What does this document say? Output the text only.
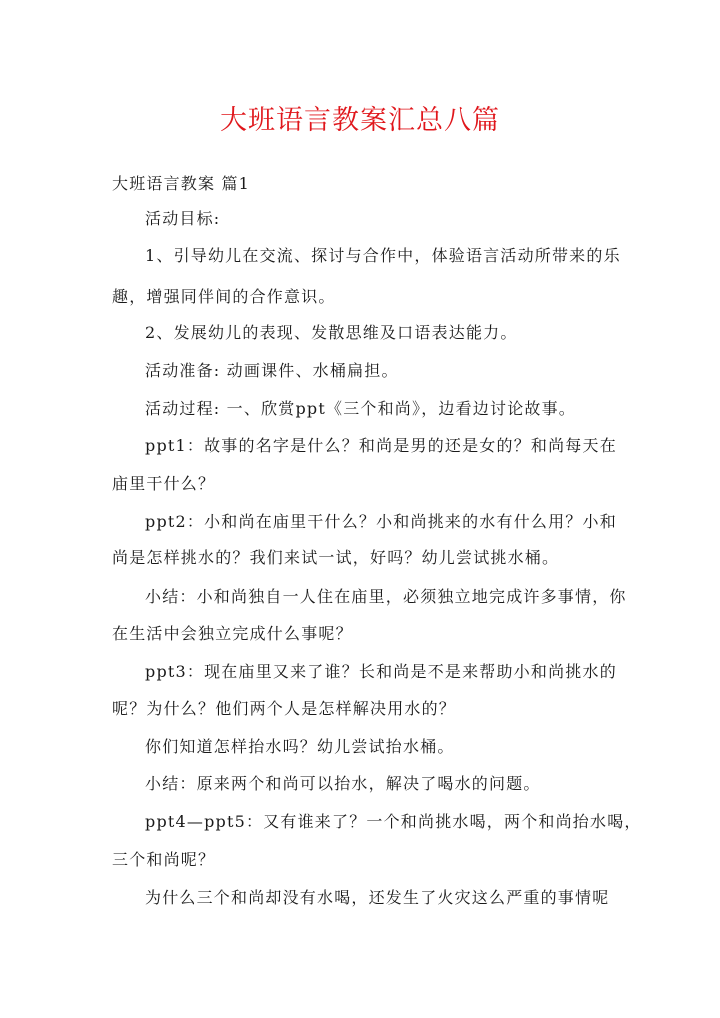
大班语言教案汇总八篇
大班语言教案 篇1
活动目标:
1、引导幼儿在交流、探讨与合作中，体验语言活动所带来的乐
趣，增强同伴间的合作意识。
2、发展幼儿的表现、发散思维及口语表达能力。
活动准备: 动画课件、水桶扁担。
活动过程: 一、欣赏ppt《三个和尚》，边看边讨论故事。
ppt1：故事的名字是什么？和尚是男的还是女的？和尚每天在
庙里干什么？
ppt2：小和尚在庙里干什么？小和尚挑来的水有什么用？小和
尚是怎样挑水的？我们来试一试，好吗？幼儿尝试挑水桶。
小结：小和尚独自一人住在庙里，必须独立地完成许多事情，你
在生活中会独立完成什么事呢？
ppt3：现在庙里又来了谁？长和尚是不是来帮助小和尚挑水的
呢？为什么？他们两个人是怎样解决用水的？
你们知道怎样抬水吗？幼儿尝试抬水桶。
小结：原来两个和尚可以抬水，解决了喝水的问题。
ppt4—ppt5：又有谁来了？一个和尚挑水喝，两个和尚抬水喝，
三个和尚呢？
为什么三个和尚却没有水喝，还发生了火灾这么严重的事情呢
